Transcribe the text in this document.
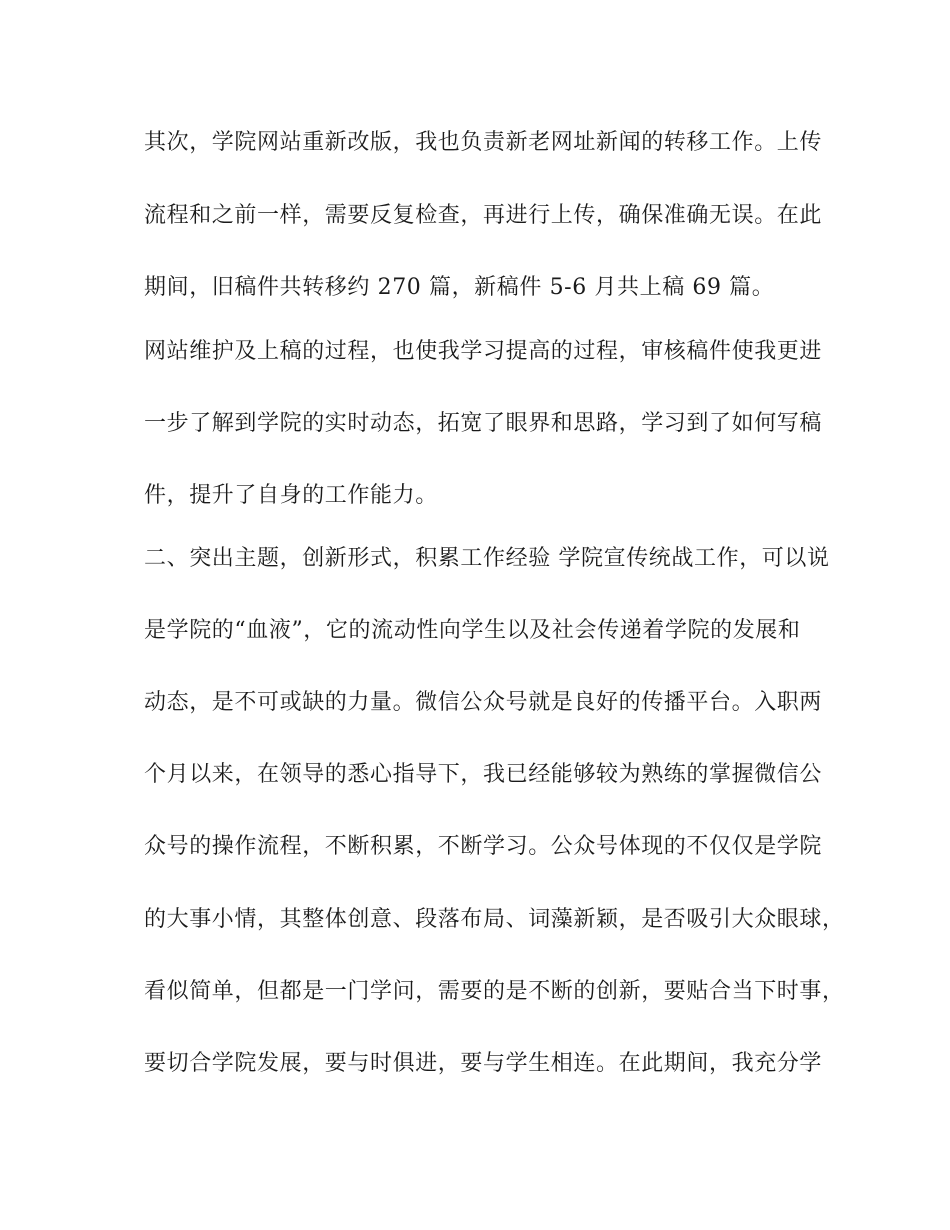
其次，学院网站重新改版，我也负责新老网址新闻的转移工作。上传

流程和之前一样，需要反复检查，再进行上传，确保准确无误。在此

期间，旧稿件共转移约 270 篇，新稿件 5-6 月共上稿 69 篇。

网站维护及上稿的过程，也使我学习提高的过程，审核稿件使我更进

一步了解到学院的实时动态，拓宽了眼界和思路，学习到了如何写稿

件，提升了自身的工作能力。

二、突出主题，创新形式，积累工作经验 学院宣传统战工作，可以说

是学院的“血液”，它的流动性向学生以及社会传递着学院的发展和

动态，是不可或缺的力量。微信公众号就是良好的传播平台。入职两

个月以来，在领导的悉心指导下，我已经能够较为熟练的掌握微信公

众号的操作流程，不断积累，不断学习。公众号体现的不仅仅是学院

的大事小情，其整体创意、段落布局、词藻新颖，是否吸引大众眼球，

看似简单，但都是一门学问，需要的是不断的创新，要贴合当下时事，

要切合学院发展，要与时俱进，要与学生相连。在此期间，我充分学
